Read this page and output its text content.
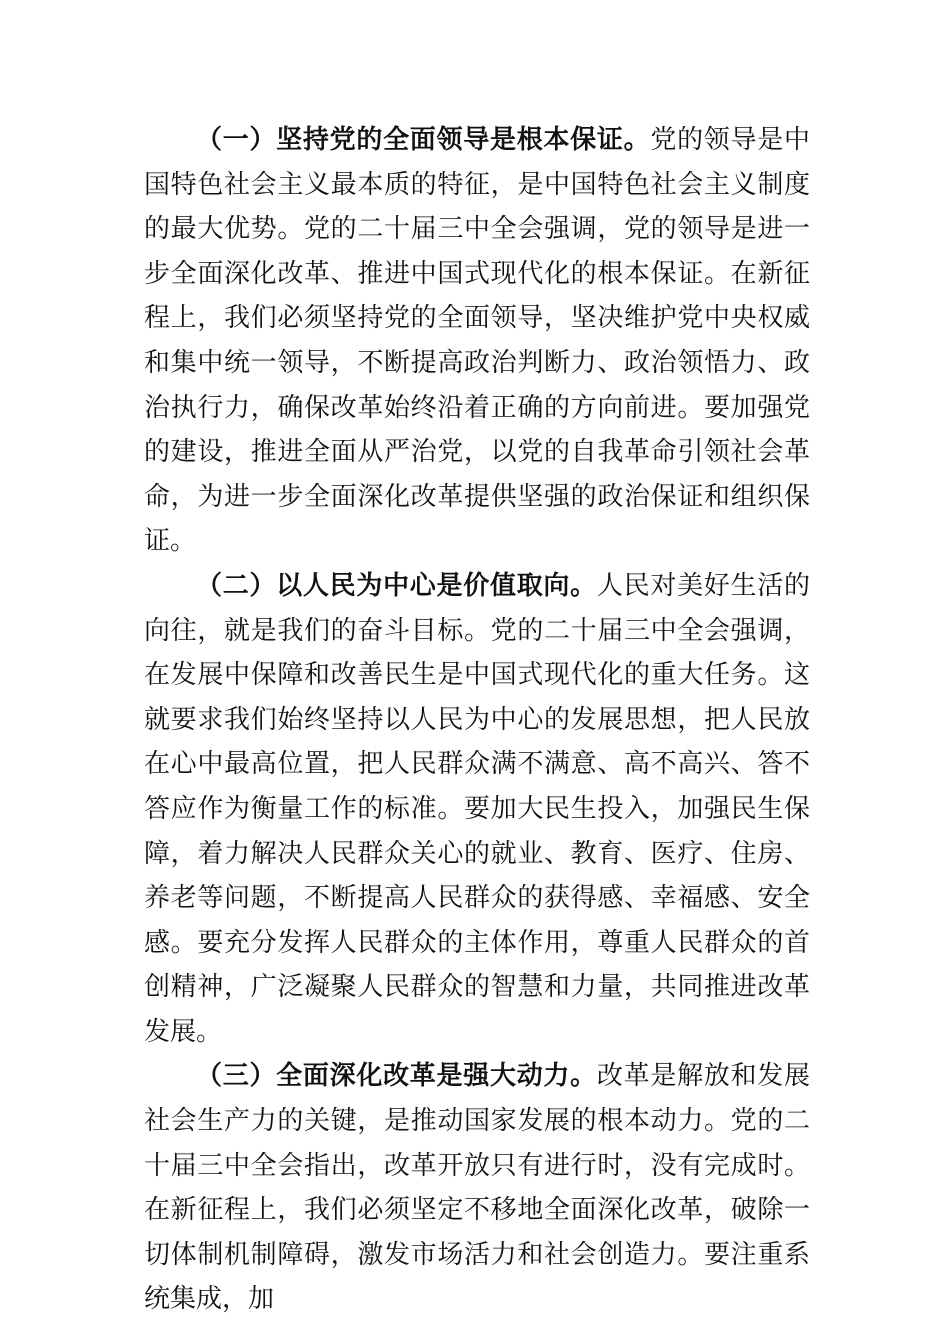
（一）坚持党的全面领导是根本保证。党的领导是中国特色社会主义最本质的特征，是中国特色社会主义制度的最大优势。党的二十届三中全会强调，党的领导是进一步全面深化改革、推进中国式现代化的根本保证。在新征程上，我们必须坚持党的全面领导，坚决维护党中央权威和集中统一领导，不断提高政治判断力、政治领悟力、政治执行力，确保改革始终沿着正确的方向前进。要加强党的建设，推进全面从严治党，以党的自我革命引领社会革命，为进一步全面深化改革提供坚强的政治保证和组织保证。

（二）以人民为中心是价值取向。人民对美好生活的向往，就是我们的奋斗目标。党的二十届三中全会强调，在发展中保障和改善民生是中国式现代化的重大任务。这就要求我们始终坚持以人民为中心的发展思想，把人民放在心中最高位置，把人民群众满不满意、高不高兴、答不答应作为衡量工作的标准。要加大民生投入，加强民生保障，着力解决人民群众关心的就业、教育、医疗、住房、养老等问题，不断提高人民群众的获得感、幸福感、安全感。要充分发挥人民群众的主体作用，尊重人民群众的首创精神，广泛凝聚人民群众的智慧和力量，共同推进改革发展。

（三）全面深化改革是强大动力。改革是解放和发展社会生产力的关键，是推动国家发展的根本动力。党的二十届三中全会指出，改革开放只有进行时，没有完成时。在新征程上，我们必须坚定不移地全面深化改革，破除一切体制机制障碍，激发市场活力和社会创造力。要注重系统集成，加
